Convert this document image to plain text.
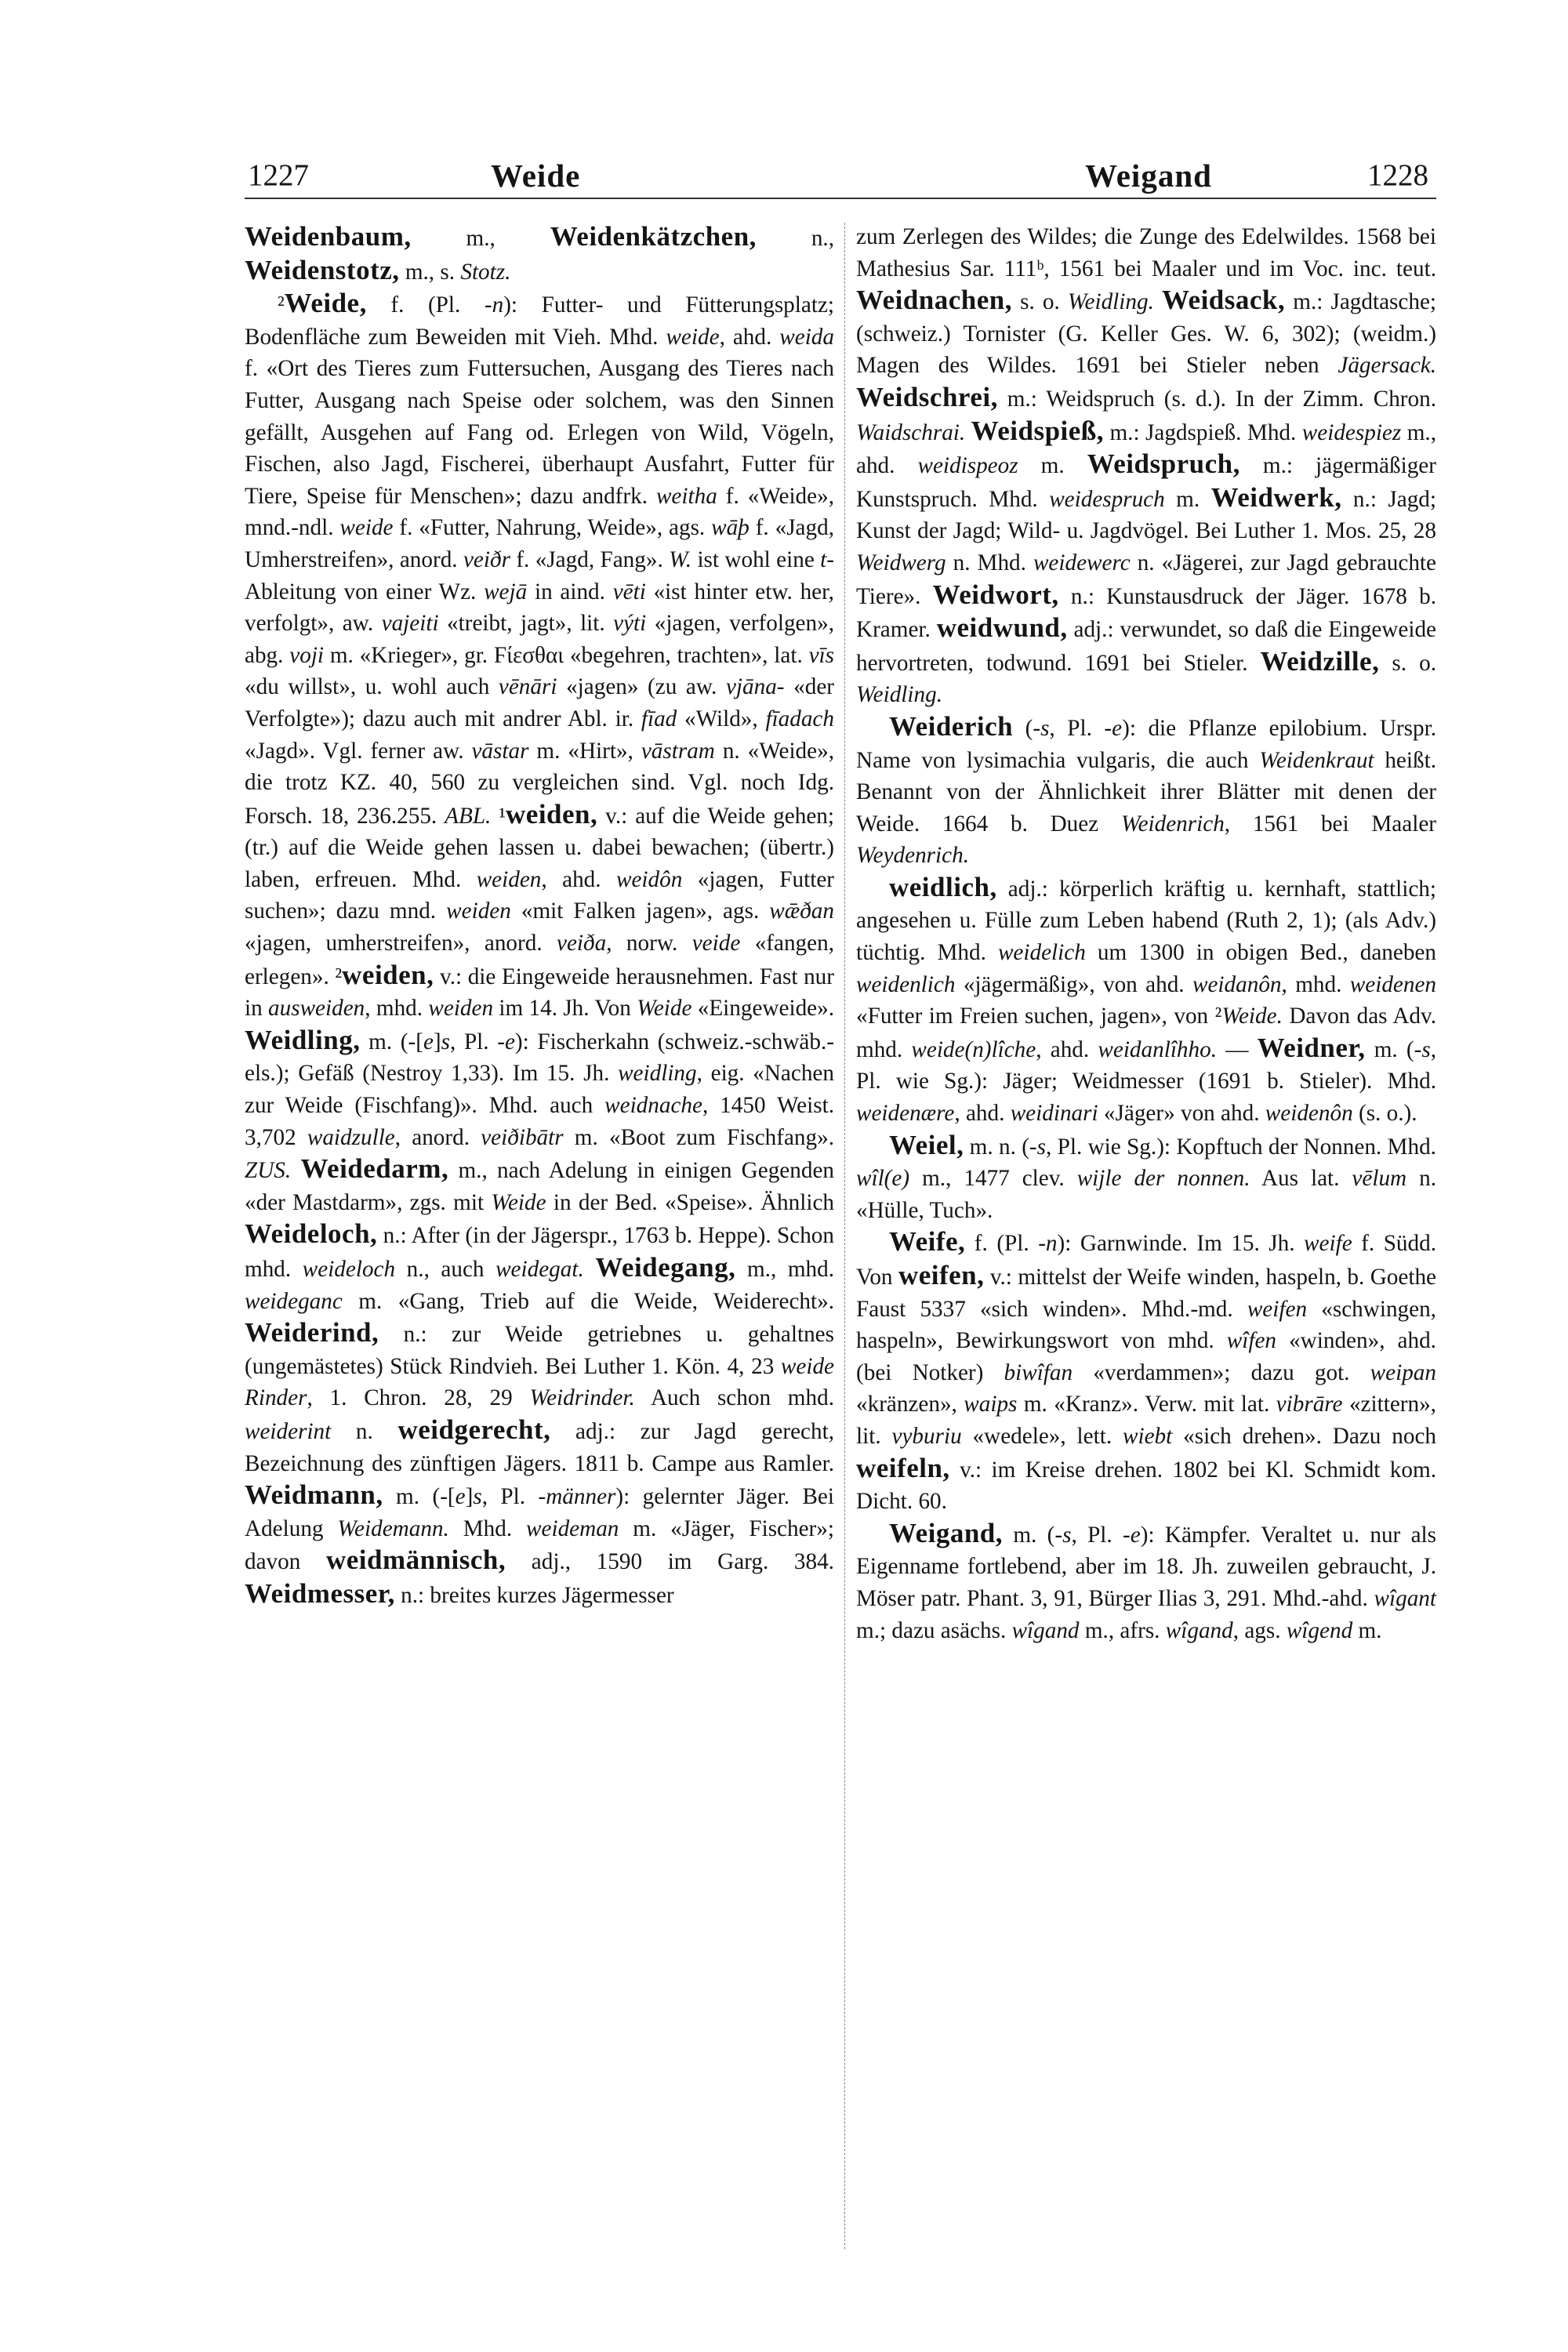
1227	Weide	Weigand	1228

Weidenbaum, m., Weidenkätzchen, n., Weidenstotz, m., s. Stotz.

²Weide, f. (Pl. -n): Futter- und Fütterungsplatz; Bodenfläche zum Beweiden mit Vieh. Mhd. weide, ahd. weida f. «Ort des Tieres zum Futtersuchen, Ausgang des Tieres nach Futter, Ausgang nach Speise oder solchem, was den Sinnen gefällt, Ausgehen auf Fang od. Erlegen von Wild, Vögeln, Fischen, also Jagd, Fischerei, überhaupt Ausfahrt, Futter für Tiere, Speise für Menschen»; dazu andfrk. weitha f. «Weide», mnd.-ndl. weide f. «Futter, Nahrung, Weide», ags. wāþ f. «Jagd, Umherstreifen», anord. veiðr f. «Jagd, Fang». W. ist wohl eine t-Ableitung von einer Wz. wejā in aind. vēti «ist hinter etw. her, verfolgt», aw. vajeiti «treibt, jagt», lit. výti «jagen, verfolgen», abg. voji m. «Krieger», gr. Ϝίεσθαι «begehren, trachten», lat. vīs «du willst», u. wohl auch vēnāri «jagen» (zu aw. vjāna- «der Verfolgte»); dazu auch mit andrer Abl. ir. fīad «Wild», fīadach «Jagd». Vgl. ferner aw. vāstar m. «Hirt», vāstram n. «Weide», die trotz KZ. 40, 560 zu vergleichen sind. Vgl. noch Idg. Forsch. 18, 236.255. ABL. ¹weiden, v.: auf die Weide gehen; (tr.) auf die Weide gehen lassen u. dabei bewachen; (übertr.) laben, erfreuen. Mhd. weiden, ahd. weidôn «jagen, Futter suchen»; dazu mnd. weiden «mit Falken jagen», ags. wǣðan «jagen, umherstreifen», anord. veiða, norw. veide «fangen, erlegen». ²weiden, v.: die Eingeweide herausnehmen. Fast nur in ausweiden, mhd. weiden im 14. Jh. Von Weide «Eingeweide». Weidling, m. (-[e]s, Pl. -e): Fischerkahn (schweiz.-schwäb.-els.); Gefäß (Nestroy 1,33). Im 15. Jh. weidling, eig. «Nachen zur Weide (Fischfang)». Mhd. auch weidnache, 1450 Weist. 3,702 waidzulle, anord. veiðibātr m. «Boot zum Fischfang». ZUS. Weidedarm, m., nach Adelung in einigen Gegenden «der Mastdarm», zgs. mit Weide in der Bed. «Speise». Ähnlich Weideloch, n.: After (in der Jägerspr., 1763 b. Heppe). Schon mhd. weideloch n., auch weidegat. Weidegang, m., mhd. weideganc m. «Gang, Trieb auf die Weide, Weiderecht». Weiderind, n.: zur Weide getriebnes u. gehaltnes (ungemästetes) Stück Rindvieh. Bei Luther 1. Kön. 4, 23 weide Rinder, 1. Chron. 28, 29 Weidrinder. Auch schon mhd. weiderint n. weidgerecht, adj.: zur Jagd gerecht, Bezeichnung des zünftigen Jägers. 1811 b. Campe aus Ramler. Weidmann, m. (-[e]s, Pl. -männer): gelernter Jäger. Bei Adelung Weidemann. Mhd. weideman m. «Jäger, Fischer»; davon weidmännisch, adj., 1590 im Garg. 384. Weidmesser, n.: breites kurzes Jägermesser

zum Zerlegen des Wildes; die Zunge des Edelwildes. 1568 bei Mathesius Sar. 111ᵇ, 1561 bei Maaler und im Voc. inc. teut. Weidnachen, s. o. Weidling. Weidsack, m.: Jagdtasche; (schweiz.) Tornister (G. Keller Ges. W. 6, 302); (weidm.) Magen des Wildes. 1691 bei Stieler neben Jägersack. Weidschrei, m.: Weidspruch (s. d.). In der Zimm. Chron. Waidschrai. Weidspieß, m.: Jagdspieß. Mhd. weidespiez m., ahd. weidispeoz m. Weidspruch, m.: jägermäßiger Kunstspruch. Mhd. weidespruch m. Weidwerk, n.: Jagd; Kunst der Jagd; Wild- u. Jagdvögel. Bei Luther 1. Mos. 25, 28 Weidwerg n. Mhd. weidewerc n. «Jägerei, zur Jagd gebrauchte Tiere». Weidwort, n.: Kunstausdruck der Jäger. 1678 b. Kramer. weidwund, adj.: verwundet, so daß die Eingeweide hervortreten, todwund. 1691 bei Stieler. Weidzille, s. o. Weidling.

Weiderich (-s, Pl. -e): die Pflanze epilobium. Urspr. Name von lysimachia vulgaris, die auch Weidenkraut heißt. Benannt von der Ähnlichkeit ihrer Blätter mit denen der Weide. 1664 b. Duez Weidenrich, 1561 bei Maaler Weydenrich.

weidlich, adj.: körperlich kräftig u. kernhaft, stattlich; angesehen u. Fülle zum Leben habend (Ruth 2, 1); (als Adv.) tüchtig. Mhd. weidelich um 1300 in obigen Bed., daneben weidenlich «jägermäßig», von ahd. weidanôn, mhd. weidenen «Futter im Freien suchen, jagen», von ²Weide. Davon das Adv. mhd. weide(n)lîche, ahd. weidanlîhho. — Weidner, m. (-s, Pl. wie Sg.): Jäger; Weidmesser (1691 b. Stieler). Mhd. weidenære, ahd. weidinari «Jäger» von ahd. weidenôn (s. o.).

Weiel, m. n. (-s, Pl. wie Sg.): Kopftuch der Nonnen. Mhd. wîl(e) m., 1477 clev. wijle der nonnen. Aus lat. vēlum n. «Hülle, Tuch».

Weife, f. (Pl. -n): Garnwinde. Im 15. Jh. weife f. Südd. Von weifen, v.: mittelst der Weife winden, haspeln, b. Goethe Faust 5337 «sich winden». Mhd.-md. weifen «schwingen, haspeln», Bewirkungswort von mhd. wîfen «winden», ahd. (bei Notker) biwîfan «verdammen»; dazu got. weipan «kränzen», waips m. «Kranz». Verw. mit lat. vibrāre «zittern», lit. vyburiu «wedele», lett. wiebt «sich drehen». Dazu noch weifeln, v.: im Kreise drehen. 1802 bei Kl. Schmidt kom. Dicht. 60.

Weigand, m. (-s, Pl. -e): Kämpfer. Veraltet u. nur als Eigenname fortlebend, aber im 18. Jh. zuweilen gebraucht, J. Möser patr. Phant. 3, 91, Bürger Ilias 3, 291. Mhd.-ahd. wîgant m.; dazu asächs. wîgand m., afrs. wîgand, ags. wîgend m.
